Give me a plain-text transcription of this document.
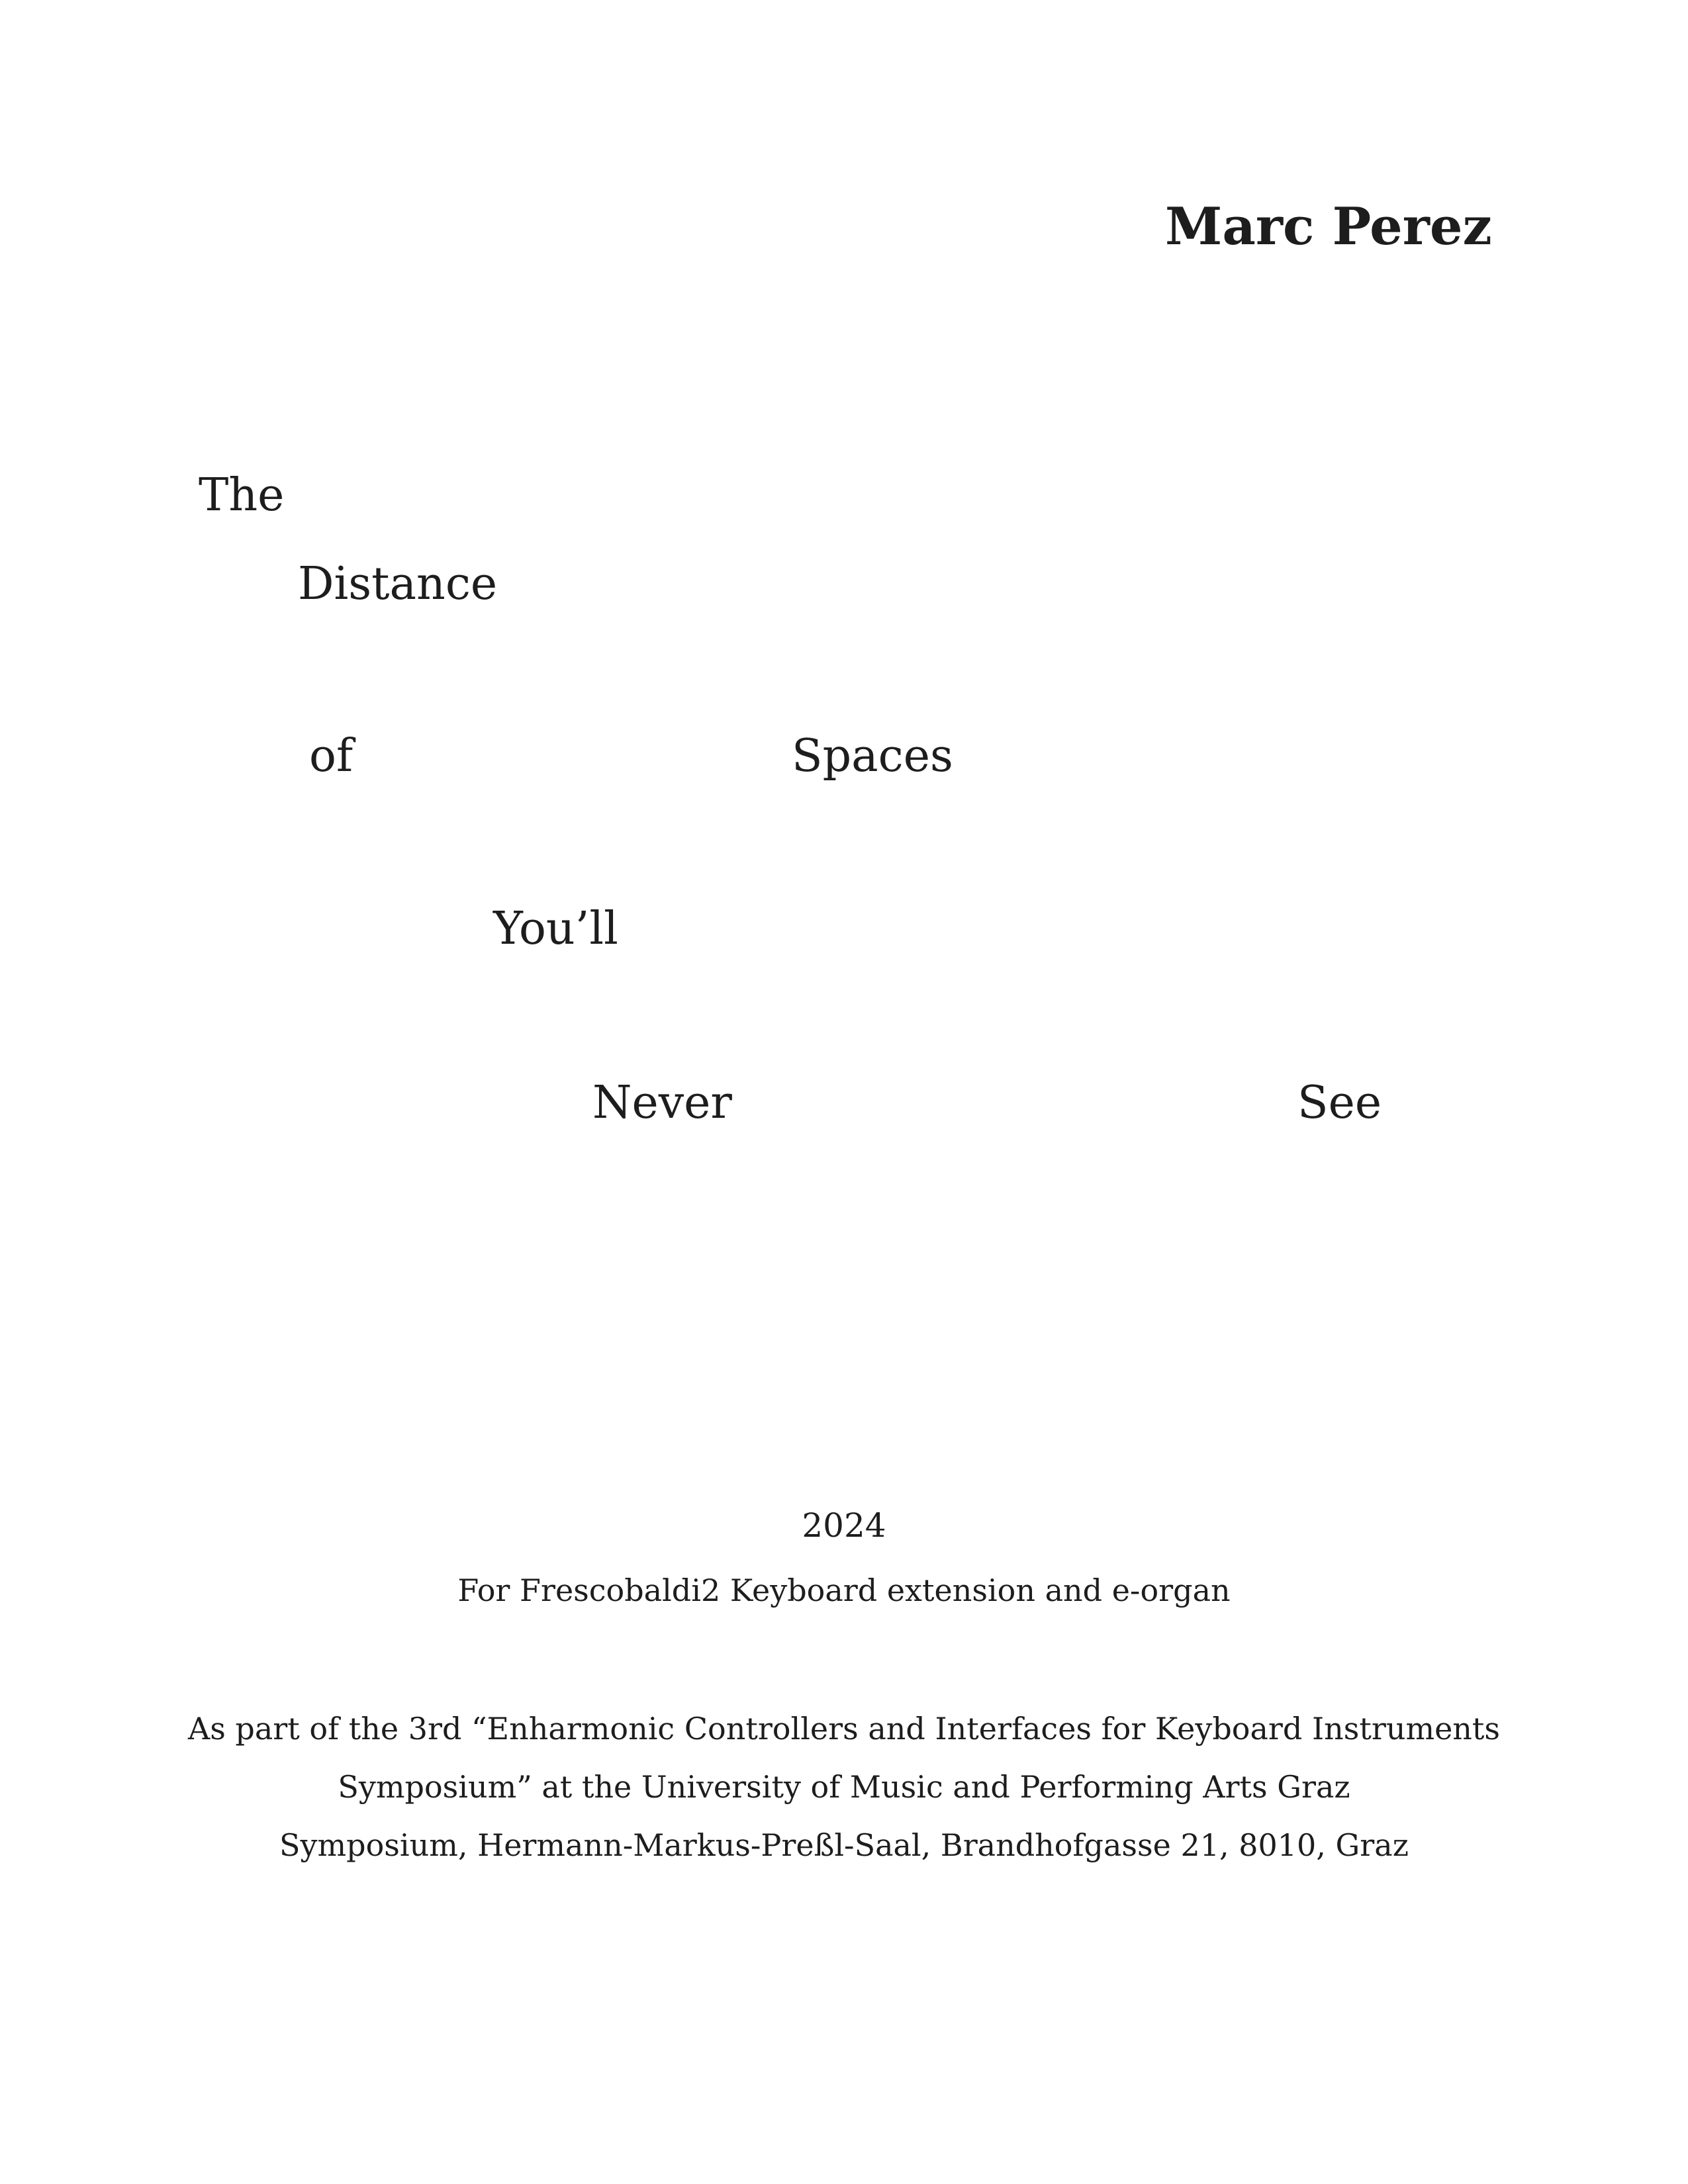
Marc Perez
The
Distance
of	Spaces
You’ll
Never	See
2024
For Frescobaldi2 Keyboard extension and e-organ
As part of the 3rd “Enharmonic Controllers and Interfaces for Keyboard Instruments
Symposium” at the University of Music and Performing Arts Graz
Symposium, Hermann-Markus-Preßl-Saal, Brandhofgasse 21, 8010, Graz
